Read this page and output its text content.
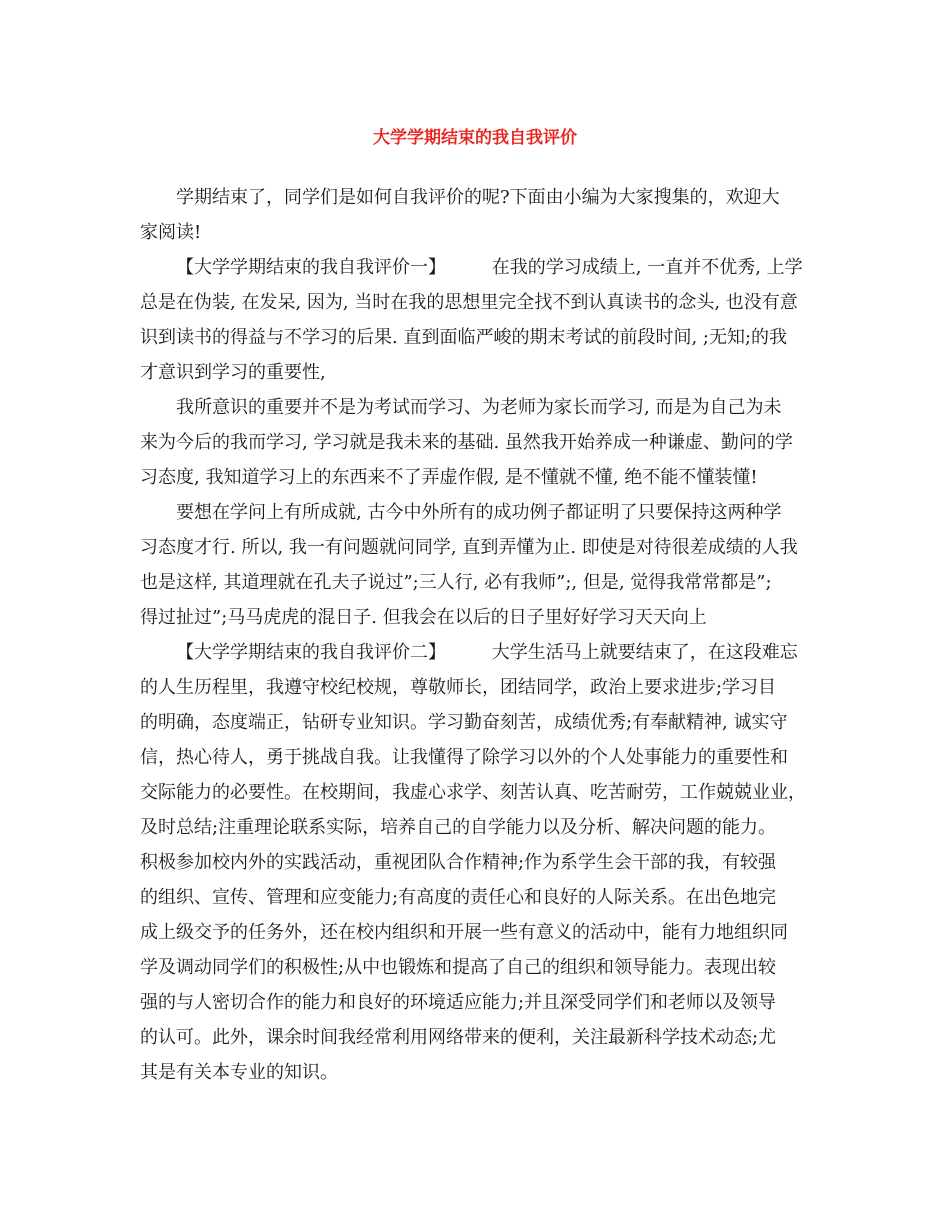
大学学期结束的我自我评价
学期结束了，同学们是如何自我评价的呢?下面由小编为大家搜集的，欢迎大
家阅读!
【大学学期结束的我自我评价一】        在我的学习成绩上, 一直并不优秀, 上学
总是在伪装, 在发呆, 因为, 当时在我的思想里完全找不到认真读书的念头, 也没有意
识到读书的得益与不学习的后果. 直到面临严峻的期末考试的前段时间, ;无知;的我
才意识到学习的重要性,
我所意识的重要并不是为考试而学习、为老师为家长而学习, 而是为自己为未
来为今后的我而学习, 学习就是我未来的基础. 虽然我开始养成一种谦虚、勤问的学
习态度, 我知道学习上的东西来不了弄虚作假, 是不懂就不懂, 绝不能不懂装懂!
要想在学问上有所成就, 古今中外所有的成功例子都证明了只要保持这两种学
习态度才行. 所以, 我一有问题就问同学, 直到弄懂为止. 即使是对待很差成绩的人我
也是这样, 其道理就在孔夫子说过”;三人行, 必有我师”;, 但是, 觉得我常常都是”;
得过扯过”;马马虎虎的混日子. 但我会在以后的日子里好好学习天天向上
【大学学期结束的我自我评价二】        大学生活马上就要结束了，在这段难忘
的人生历程里，我遵守校纪校规，尊敬师长，团结同学，政治上要求进步;学习目
的明确，态度端正，钻研专业知识。学习勤奋刻苦，成绩优秀;有奉献精神, 诚实守
信，热心待人，勇于挑战自我。让我懂得了除学习以外的个人处事能力的重要性和
交际能力的必要性。在校期间，我虚心求学、刻苦认真、吃苦耐劳，工作兢兢业业，
及时总结;注重理论联系实际，培养自己的自学能力以及分析、解决问题的能力。
积极参加校内外的实践活动，重视团队合作精神;作为系学生会干部的我，有较强
的组织、宣传、管理和应变能力;有高度的责任心和良好的人际关系。在出色地完
成上级交予的任务外，还在校内组织和开展一些有意义的活动中，能有力地组织同
学及调动同学们的积极性;从中也锻炼和提高了自己的组织和领导能力。表现出较
强的与人密切合作的能力和良好的环境适应能力;并且深受同学们和老师以及领导
的认可。此外，课余时间我经常利用网络带来的便利，关注最新科学技术动态;尤
其是有关本专业的知识。
